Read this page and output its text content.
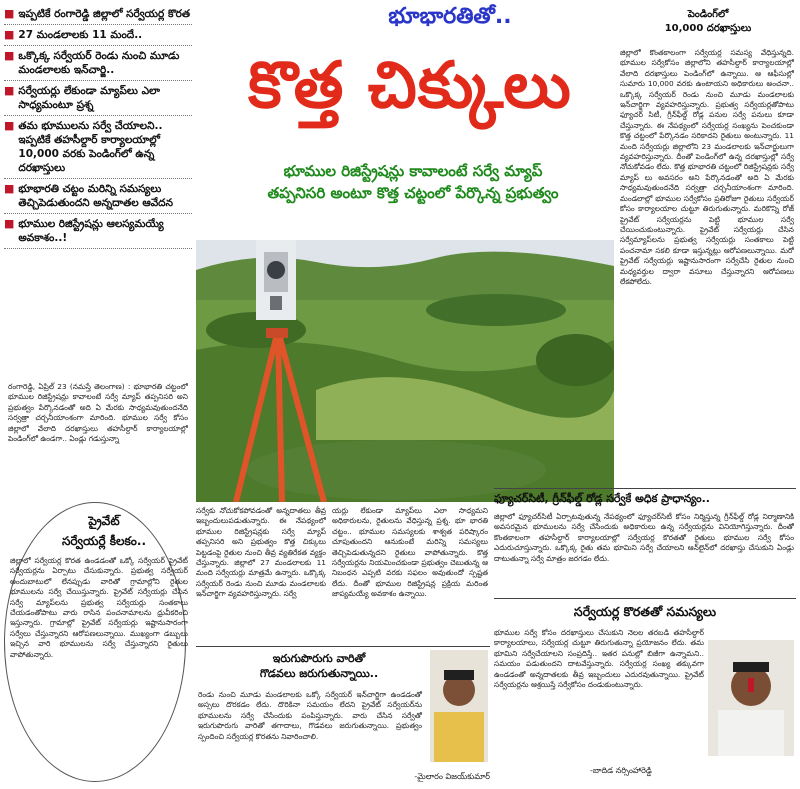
■ ఇప్పటికే రంగారెడ్డి జిల్లాలో సర్వేయర్ల కొరత
■ 27 మండలాలకు 11 మందే..
■ ఒక్కొక్క సర్వేయర్ రెండు నుంచి మూడు మండలాలకు ఇన్‌చార్జి..
■ సర్వేయర్లు లేకుండా మ్యాప్‌లు ఎలా సాధ్యమంటూ ప్రశ్న
■ తమ భూములను సర్వే చేయాలని.. ఇప్పటికే తహసీల్దార్ కార్యాలయాల్లో 10,000 వరకు పెండింగ్‌లో ఉన్న దరఖాస్తులు
■ భూభారతి చట్టం మరిన్ని సమస్యలు తెచ్చిపెడుతుందని అన్నదాతల ఆవేదన
■ భూముల రిజిస్ట్రేషన్లు ఆలస్యమయ్యే అవకాశం..!
రంగారెడ్డి, ఏప్రిల్ 23 (నమస్తే తెలంగాణ) : భూభారతి చట్టంలో భూముల రిజిస్ట్రేషన్లు కావాలంటే సర్వే మ్యాప్ తప్పనిసరి అని ప్రభుత్వం పేర్కొనడంతో అది ఏ మేరకు సాధ్యమవుతుందనేది సర్వత్రా చర్చనీయాంశంగా మారింది. భూముల సర్వే కోసం జిల్లాలో వేలాది దరఖాస్తులు తహసీల్దార్ కార్యాలయాల్లో పెండింగ్‌లో ఉండగా.. ఏండ్లు గడుస్తున్నా
భూభారతితో..
కొత్త చిక్కులు
భూముల రిజిస్ట్రేషన్లు కావాలంటే సర్వే మ్యాప్
తప్పనిసరి అంటూ కొత్త చట్టంలో పేర్కొన్న ప్రభుత్వం
పెండింగ్‌లో
10,000 దరఖాస్తులు
జిల్లాలో కొంతకాలంగా సర్వేయర్ల సమస్య వేధిస్తున్నది. భూముల సర్వేకోసం జిల్లాలోని తహసీల్దార్ కార్యాలయాల్లో వేలాది దరఖాస్తులు పెండింగ్‌లో ఉన్నాయి. ఆ ఆఫీసుల్లో సుమారు 10,000 వరకు ఉంటాయని అధికారులు అంచనా.. ఒక్కొక్క సర్వేయర్ రెండు నుంచి మూడు మండలాలకు ఇన్‌చార్జిగా వ్యవహరిస్తున్నారు. ప్రభుత్వ సర్వేయర్లతోపాటు ఫ్యూచర్ సిటీ, గ్రీన్‌ఫీల్డ్ రోడ్ల పనుల సర్వే పనులు కూడా చేస్తున్నారు. ఈ నేపథ్యంలో సర్వేయర్ల సంఖ్యను పెంచకుండా కొత్త చట్టంలో పేర్కొనడం సరికాదని రైతులు అంటున్నారు. 11 మంది సర్వేయర్లు జిల్లాలోని 23 మండలాలకు ఇన్‌చార్జులుగా వ్యవహరిస్తున్నారు. దీంతో పెండింగ్‌లో ఉన్న దరఖాస్తుల్లో సర్వే నోచుకోవడం లేదు. కొత్త భూభారతి చట్టంలో రిజిస్ట్రేషన్లకు సర్వే మ్యాప్ లు అవసరం అని పేర్కొనడంతో అది ఏ మేరకు సాధ్యమవుతుందనేది సర్వత్రా చర్చనీయాంశంగా మారింది. మండలాల్లో భూముల సర్వేకోసం ప్రతిరోజూ రైతులు సర్వేయర్ కోసం కార్యాలయాల చుట్టూ తిరుగుతున్నారు. మరికొన్ని రోజ్ ప్రైవేట్ సర్వేయర్లను పెట్టి భూముల సర్వే చేయించుకుంటున్నారు. ప్రైవేట్ సర్వేయర్లు చేసిన సర్వేమ్యాప్‌లను ప్రభుత్వ సర్వేయర్లు సంతకాలు పెట్టి పంచనామా సకలి కూడా ఇస్తున్నట్లు ఆరోపణలున్నాయి. మరో ప్రైవేట్ సర్వేయర్లు ఇష్టానుసారంగా సర్వేచేసి రైతుల నుంచి మధ్యవర్తుల ద్వారా వసూలు చేస్తున్నారని ఆరోపణలు లేకపోలేదు.
సర్వేకు నోచుకోకపోవడంతో అన్నదాతలు తీవ్ర ఇబ్బందులుపడుతున్నారు. ఈ నేపథ్యంలో భూముల రిజిస్ట్రేషన్లకు సర్వే మ్యాప్ తప్పనిసరి అని ప్రభుత్వం కొత్త చిక్కులు పెట్టడంపై రైతుల నుంచి తీవ్ర వ్యతిరేకత వ్యక్తం చేస్తున్నారు. జిల్లాలో 27 మండలాలకు 11 మంది సర్వేయర్లు మాత్రమే ఉన్నారు. ఒక్కొక్క సర్వేయర్ రెండు నుంచి మూడు మండలాలకు ఇన్‌చార్జిగా వ్యవహరిస్తున్నారు. సర్వే
యర్లు లేకుండా మ్యాప్‌లు ఎలా సాధ్యమని అధికారులను, రైతులను వేధిస్తున్న ప్రశ్న. భూ భారతి చట్టం.. భూముల సమస్యలకు శాశ్వత పరిష్కారం చూపుతుందని ఆనుకుంటే మరిన్ని సమస్యలు తెచ్చిపెడుతున్నదని రైతులు వాపోతున్నారు. కొత్త సర్వేయర్లను నియమించకుండా ప్రభుత్వం చెబుతున్న ఆ నిబంధన ఎప్పటి వరకు సఫలం అవుతుందో స్పష్టత లేదు. దీంతో భూముల రిజిస్ట్రేషన్ల ప్రక్రియ మరింత జాప్యమయ్యే అవకాశం ఉన్నాయి.
ఫ్యూచర్‌సిటీ, గ్రీన్‌ఫీల్డ్ రోడ్ల సర్వేకే అధిక ప్రాధాన్యం..
జిల్లాలో ఫ్యూచర్‌సిటీ ఏర్పాటవుతున్న నేపథ్యంలో ఫ్యూచర్‌సిటీ కోసం నిర్మిస్తున్న గ్రీన్‌ఫీల్డ్ రోడ్ల నిర్మాణానికి అవసరమైన భూములను సర్వే చేసేందుకు అధికారులు ఉన్న సర్వేయర్లను వినియోగిస్తున్నారు. దీంతో కొంతకాలంగా తహసీల్దార్ కార్యాలయాల్లో సర్వేయర్ల కొరతతో రైతులు భూముల సర్వే కోసం ఎదురుచూస్తున్నారు. ఒక్కొక్క రైతు తమ భూమిని సర్వే చేయాలని ఆన్‌లైన్‌లో దరఖాస్తు చేసుకుని ఏండ్లు దాటుతున్నా సర్వే మాత్రం జరగడం లేదు.
సర్వేయర్ల కొరతతో సమస్యలు
భూముల సర్వే కోసం దరఖాస్తులు చేసుకుని నెలల తరబడి తహసీల్దార్ కార్యాలయాలు, సర్వేయర్ల చుట్టూ తిరుగుతున్నా ప్రయోజనం లేదు. తమ భూమిని సర్వేచేయాలని సంప్రదిస్తే.. ఇతర పనుల్లో బిజీగా ఉన్నామని.. సమయం పడుతుందని దాటవేస్తున్నారు. సర్వేయర్ల సంఖ్య తక్కువగా ఉండడంతో అన్నదాతలకు తీవ్ర ఇబ్బందులు ఎదురవుతున్నాయి. ప్రైవేట్ సర్వేయర్లను ఆశ్రయిస్తే సర్వేకోసం దండుకుంటున్నారు.
-బాదిడ నర్సింహారెడ్డి
ప్రైవేట్
సర్వేయర్లే కీలకం..
జిల్లాలో సర్వేయర్ల కొరత ఉండడంతో ఒక్కో సర్వేయర్ ప్రైవేట్ సర్వేయర్లను ఏర్పాటు చేసుకున్నారు. ప్రభుత్వ సర్వేయర్ ఆందుబాటులో లేనప్పుడు వారితో గ్రామాల్లోని రైతుల భూములను సర్వే చేయిస్తున్నారు. ప్రైవేట్ సర్వేయర్లు చేసిన సర్వే మ్యాప్‌లను ప్రభుత్వ సర్వేయర్లు సంతకాలు చేయడంతోపాటు వారు రాసిన పంచనామాలను ధ్రువీకరించి ఇస్తున్నారు. గ్రామాల్లో ప్రైవేట్ సర్వేయర్లు ఇష్టానుసారంగా సర్వేలు చేస్తున్నారని ఆరోపణలున్నాయి. ముఖ్యంగా డబ్బులు ఇచ్చిన వారి భూములను సర్వే చేస్తున్నారని రైతులు వాపోతున్నారు.	ఇరుగుపొరుగు వారితో
గొడవలు జరుగుతున్నాయి..
రెండు నుంచి మూడు మండలాలకు ఒక్కో సర్వేయర్ ఇన్‌చార్జిగా ఉండడంతో అస్సలు దొరకడం లేదు. దొరికినా సమయం లేదని ప్రైవేట్ సర్వేయర్‌ను భూములను సర్వే చేసేందుకు పంపిస్తున్నారు. వారు చేసిన సర్వేతో ఇరుగుపొరుగు వారితో తగాదాలు, గొడవలు జరుగుతున్నాయి. ప్రభుత్వం స్పందించి సర్వేయర్ల కొరతను నివారించాలి.
-మైలారం విజయ్‌కుమార్
